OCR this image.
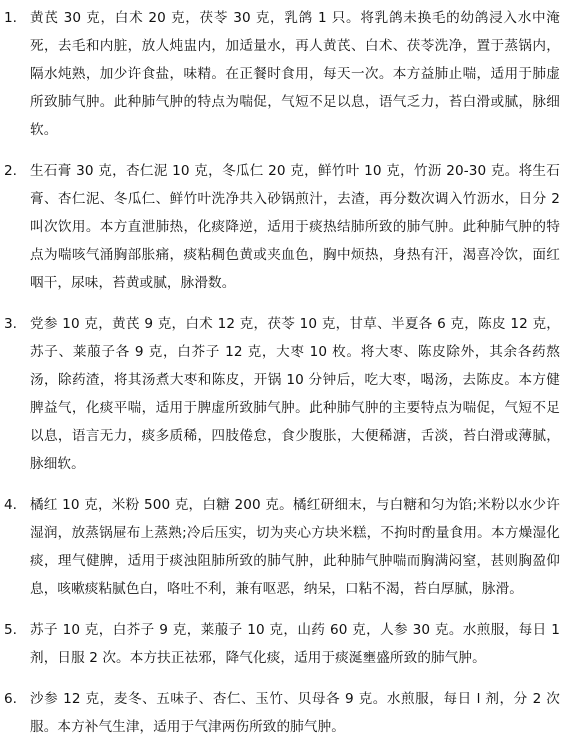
1. 黄芪 30 克，白术 20 克，茯苓 30 克，乳鸽 1 只。将乳鸽未换毛的幼鸽浸入水中淹死，去毛和内脏，放人炖盅内，加适量水，再人黄芪、白术、茯苓洗净，置于蒸锅内，隔水炖熟，加少许食盐，味精。在正餐时食用，每天一次。本方益肺止喘，适用于肺虚所致肺气肿。此种肺气肿的特点为喘促，气短不足以息，语气乏力，苔白滑或腻，脉细软。
2. 生石膏 30 克，杏仁泥 10 克，冬瓜仁 20 克，鲜竹叶 10 克，竹沥 20-30 克。将生石膏、杏仁泥、冬瓜仁、鲜竹叶洗净共入砂锅煎汁，去渣，再分数次调入竹沥水，日分 2 叫次饮用。本方直泄肺热，化痰降逆，适用于痰热结肺所致的肺气肿。此种肺气肿的特点为喘咳气涌胸部胀痛，痰粘稠色黄或夹血色，胸中烦热，身热有汗，渴喜冷饮，面红咽干，尿味，苔黄或腻，脉滑数。
3. 党参 10 克，黄芪 9 克，白术 12 克，茯苓 10 克，甘草、半夏各 6 克，陈皮 12 克，苏子、莱菔子各 9 克，白芥子 12 克，大枣 10 枚。将大枣、陈皮除外，其余各药熬汤，除药渣，将其汤煮大枣和陈皮，开锅 10 分钟后，吃大枣，喝汤，去陈皮。本方健脾益气，化痰平喘，适用于脾虚所致肺气肿。此种肺气肿的主要特点为喘促，气短不足以息，语言无力，痰多质稀，四肢倦怠，食少腹胀，大便稀溏，舌淡，苔白滑或薄腻，脉细软。
4. 橘红 10 克，米粉 500 克，白糖 200 克。橘红研细末，与白糖和匀为馅;米粉以水少许湿润，放蒸锅屉布上蒸熟;冷后压实，切为夹心方块米糕，不拘时酌量食用。本方燥湿化痰，理气健脾，适用于痰浊阻肺所致的肺气肿，此种肺气肿喘而胸满闷窒，甚则胸盈仰息，咳嗽痰粘腻色白，咯吐不利，兼有呕恶，纳呆，口粘不渴，苔白厚腻，脉滑。
5. 苏子 10 克，白芥子 9 克，莱菔子 10 克，山药 60 克，人参 30 克。水煎服，每日 1 剂，日服 2 次。本方扶正祛邪，降气化痰，适用于痰涎壅盛所致的肺气肿。
6. 沙参 12 克，麦冬、五味子、杏仁、玉竹、贝母各 9 克。水煎服，每日 l 剂，分 2 次服。本方补气生津，适用于气津两伤所致的肺气肿。
